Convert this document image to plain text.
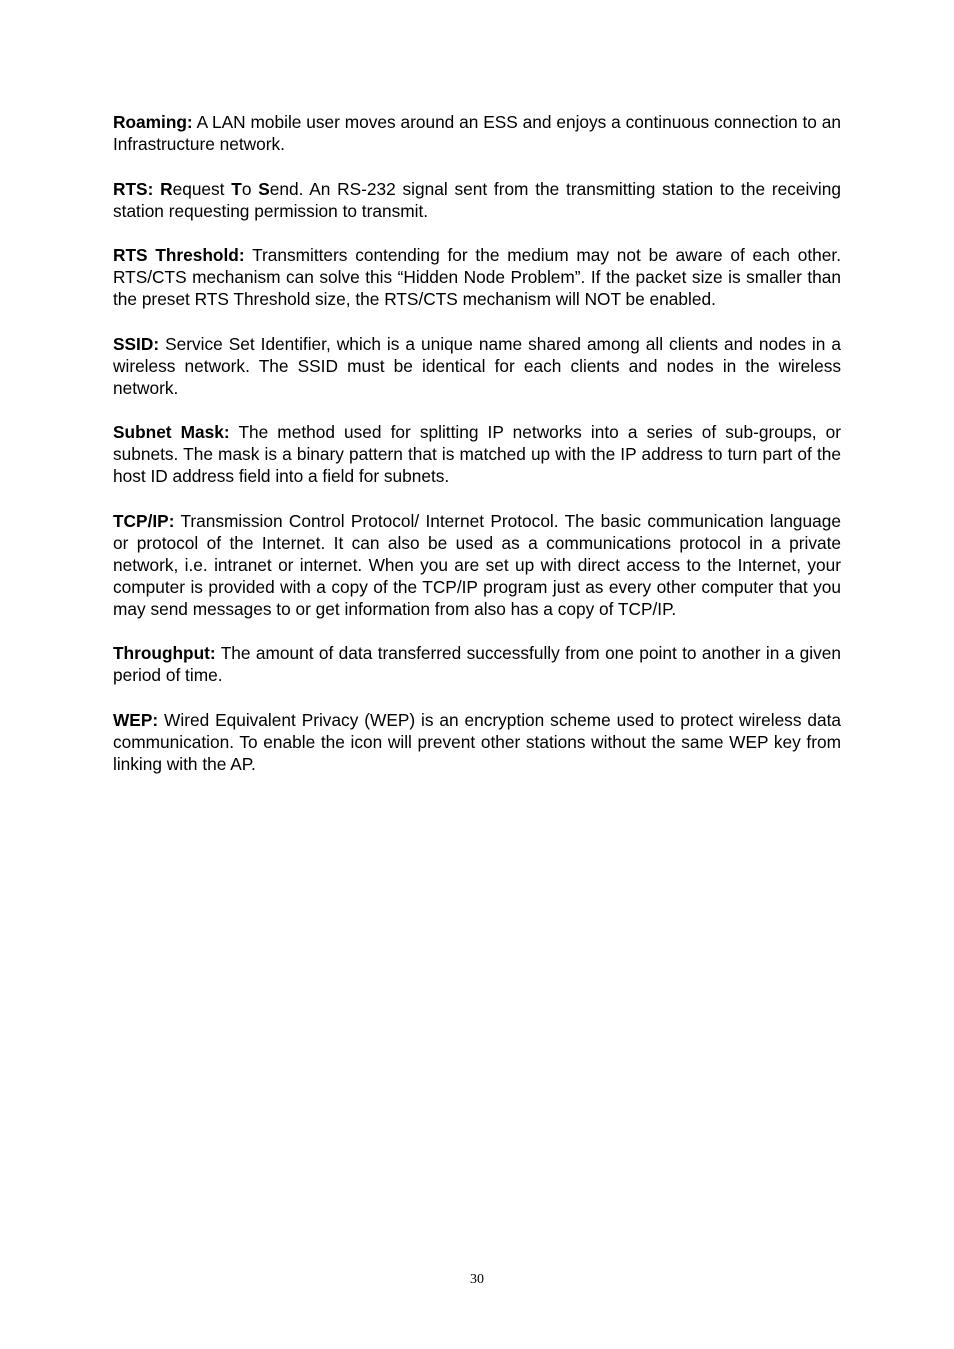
Roaming: A LAN mobile user moves around an ESS and enjoys a continuous connection to an Infrastructure network.

RTS: Request To Send. An RS-232 signal sent from the transmitting station to the receiving station requesting permission to transmit.

RTS Threshold: Transmitters contending for the medium may not be aware of each other. RTS/CTS mechanism can solve this “Hidden Node Problem”. If the packet size is smaller than the preset RTS Threshold size, the RTS/CTS mechanism will NOT be enabled.

SSID: Service Set Identifier, which is a unique name shared among all clients and nodes in a wireless network. The SSID must be identical for each clients and nodes in the wireless network.

Subnet Mask: The method used for splitting IP networks into a series of sub-groups, or subnets. The mask is a binary pattern that is matched up with the IP address to turn part of the host ID address field into a field for subnets.

TCP/IP: Transmission Control Protocol/ Internet Protocol. The basic communication language or protocol of the Internet. It can also be used as a communications protocol in a private network, i.e. intranet or internet. When you are set up with direct access to the Internet, your computer is provided with a copy of the TCP/IP program just as every other computer that you may send messages to or get information from also has a copy of TCP/IP.

Throughput: The amount of data transferred successfully from one point to another in a given period of time.

WEP: Wired Equivalent Privacy (WEP) is an encryption scheme used to protect wireless data communication. To enable the icon will prevent other stations without the same WEP key from linking with the AP.

30
